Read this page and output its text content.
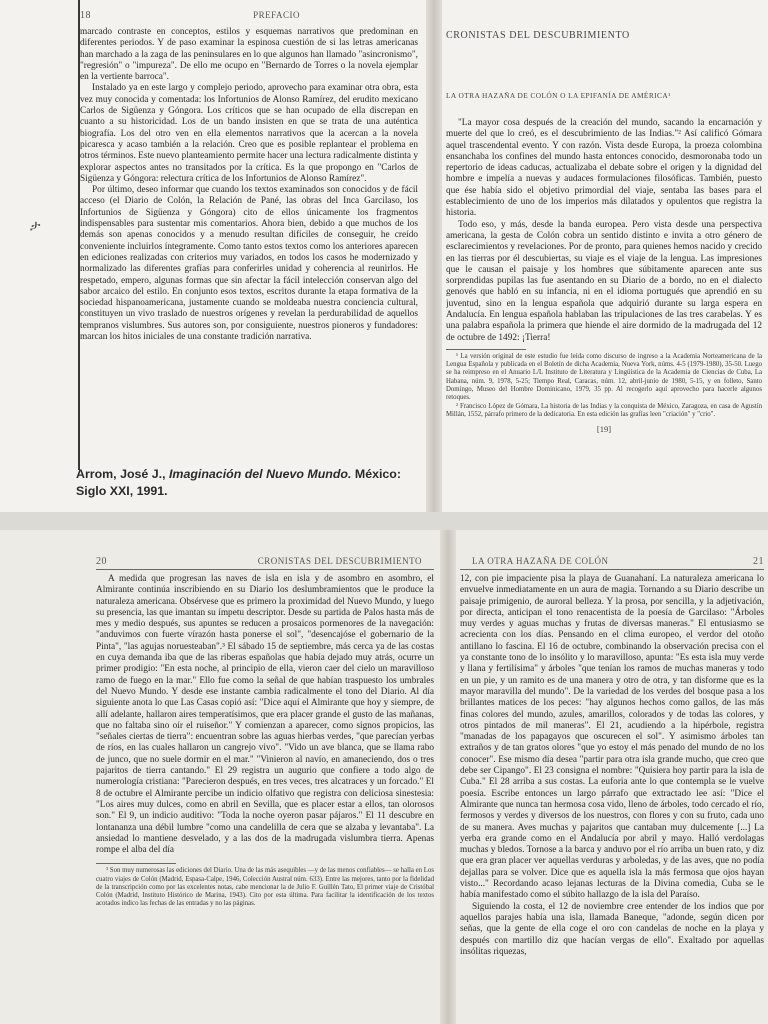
ታ
18	PREFACIO

marcado contraste en conceptos, estilos y esquemas narrativos que predominan en diferentes periodos. Y de paso examinar la espinosa cuestión de si las letras americanas han marchado a la zaga de las peninsulares en lo que algunos han llamado "asincronismo", "regresión" o "impureza". De ello me ocupo en "Bernardo de Torres o la novela ejemplar en la vertiente barroca".

Instalado ya en este largo y complejo periodo, aprovecho para examinar otra obra, esta vez muy conocida y comentada: los Infortunios de Alonso Ramírez, del erudito mexicano Carlos de Sigüenza y Góngora. Los críticos que se han ocupado de ella discrepan en cuanto a su historicidad. Los de un bando insisten en que se trata de una auténtica biografía. Los del otro ven en ella elementos narrativos que la acercan a la novela picaresca y acaso también a la relación. Creo que es posible replantear el problema en otros términos. Este nuevo planteamiento permite hacer una lectura radicalmente distinta y explorar aspectos antes no transitados por la crítica. Es la que propongo en "Carlos de Sigüenza y Góngora: relectura crítica de los Infortunios de Alonso Ramírez".

Por último, deseo informar que cuando los textos examinados son conocidos y de fácil acceso (el Diario de Colón, la Relación de Pané, las obras del Inca Garcilaso, los Infortunios de Sigüenza y Góngora) cito de ellos únicamente los fragmentos indispensables para sustentar mis comentarios. Ahora bien, debido a que muchos de los demás son apenas conocidos y a menudo resultan difíciles de conseguir, he creído conveniente incluirlos íntegramente. Como tanto estos textos como los anteriores aparecen en ediciones realizadas con criterios muy variados, en todos los casos he modernizado y normalizado las diferentes grafías para conferirles unidad y coherencia al reunirlos. He respetado, empero, algunas formas que sin afectar la fácil intelección conservan algo del sabor arcaico del estilo. En conjunto esos textos, escritos durante la etapa formativa de la sociedad hispanoamericana, justamente cuando se moldeaba nuestra conciencia cultural, constituyen un vivo traslado de nuestros orígenes y revelan la perdurabilidad de aquellos tempranos vislumbres. Sus autores son, por consiguiente, nuestros pioneros y fundadores: marcan los hitos iniciales de una constante tradición narrativa.

Arrom, José J., Imaginación del Nuevo Mundo. México: Siglo XXI, 1991.
CRONISTAS DEL DESCUBRIMIENTO
LA OTRA HAZAÑA DE COLÓN O LA EPIFANÍA DE AMÉRICA¹

"La mayor cosa después de la creación del mundo, sacando la encarnación y muerte del que lo creó, es el descubrimiento de las Indias."² Así calificó Gómara aquel trascendental evento. Y con razón. Vista desde Europa, la proeza colombina ensanchaba los confines del mundo hasta entonces conocido, desmoronaba todo un repertorio de ideas caducas, actualizaba el debate sobre el origen y la dignidad del hombre e impelía a nuevas y audaces formulaciones filosóficas. También, puesto que ése había sido el objetivo primordial del viaje, sentaba las bases para el establecimiento de uno de los imperios más dilatados y opulentos que registra la historia.

Todo eso, y más, desde la banda europea. Pero vista desde una perspectiva americana, la gesta de Colón cobra un sentido distinto e invita a otro género de esclarecimientos y revelaciones. Por de pronto, para quienes hemos nacido y crecido en las tierras por él descubiertas, su viaje es el viaje de la lengua. Las impresiones que le causan el paisaje y los hombres que súbitamente aparecen ante sus sorprendidas pupilas las fue asentando en su Diario de a bordo, no en el dialecto genovés que habló en su infancia, ni en el idioma portugués que aprendió en su juventud, sino en la lengua española que adquirió durante su larga espera en Andalucía. En lengua española hablaban las tripulaciones de las tres carabelas. Y es una palabra española la primera que hiende el aire dormido de la madrugada del 12 de octubre de 1492: ¡Tierra!

¹ La versión original de este estudio fue leída como discurso de ingreso a la Academia Norteamericana de la Lengua Española y publicada en el Boletín de dicha Academia, Nueva York, núms. 4-5 (1979-1980), 35-50. Luego se ha reimpreso en el Anuario L/L Instituto de Literatura y Lingüística de la Academia de Ciencias de Cuba, La Habana, núm. 9, 1978, 5-25; Tiempo Real, Caracas, núm. 12, abril-junio de 1980, 5-15, y en folleto, Santo Domingo, Museo del Hombre Dominicano, 1979, 35 pp. Al recogerlo aquí aprovecho para hacerle algunos retoques.

² Francisco López de Gómara, La historia de las Indias y la conquista de México, Zaragoza, en casa de Agustín Millán, 1552, párrafo primero de la dedicatoria. En esta edición las grafías leen "criación" y "crio".

[19]
20	CRONISTAS DEL DESCUBRIMIENTO

A medida que progresan las naves de isla en isla y de asombro en asombro, el Almirante continúa inscribiendo en su Diario los deslumbramientos que le produce la naturaleza americana. Obsérvese que es primero la proximidad del Nuevo Mundo, y luego su presencia, las que imantan su ímpetu descriptor. Desde su partida de Palos hasta más de mes y medio después, sus apuntes se reducen a prosaicos pormenores de la navegación: "anduvimos con fuerte vírazón hasta ponerse el sol", "desencajóse el gobernario de la Pinta", "las agujas noruesteaban".³ El sábado 15 de septiembre, más cerca ya de las costas en cuya demanda iba que de las riberas españolas que había dejado muy atrás, ocurre un primer prodigio: "En esta noche, al principio de ella, vieron caer del cielo un maravilloso ramo de fuego en la mar." Ello fue como la señal de que habían traspuesto los umbrales del Nuevo Mundo. Y desde ese instante cambia radicalmente el tono del Diario. Al día siguiente anota lo que Las Casas copió así: "Dice aquí el Almirante que hoy y siempre, de allí adelante, hallaron aires temperatísimos, que era placer grande el gusto de las mañanas, que no faltaba sino oír el ruiseñor." Y comienzan a aparecer, como signos propicios, las "señales ciertas de tierra": encuentran sobre las aguas hierbas verdes, "que parecían yerbas de ríos, en las cuales hallaron un cangrejo vivo". "Vido un ave blanca, que se llama rabo de junco, que no suele dormir en el mar." "Vinieron al navío, en amaneciendo, dos o tres pajaritos de tierra cantando." El 29 registra un augurio que confiere a todo algo de numerología cristiana: "Parecieron después, en tres veces, tres alcatraces y un forcado." El 8 de octubre el Almirante percibe un indicio olfativo que registra con deliciosa sinestesia: "Los aires muy dulces, como en abril en Sevilla, que es placer estar a ellos, tan olorosos son." El 9, un indicio auditivo: "Toda la noche oyeron pasar pájaros." El 11 descubre en lontananza una débil lumbre "como una candelilla de cera que se alzaba y levantaba". La ansiedad lo mantiene desvelado, y a las dos de la madrugada vislumbra tierra. Apenas rompe el alba del día

³ Son muy numerosas las ediciones del Diario. Una de las más asequibles —y de las menos confiables— se halla en Los cuatro viajes de Colón (Madrid, Espasa-Calpe, 1946, Colección Austral núm. 633). Entre las mejores, tanto por la fidelidad de la transcripción como por las excelentes notas, cabe mencionar la de Julio F. Guillén Tato, El primer viaje de Cristóbal Colón (Madrid, Instituto Histórico de Marina, 1943). Cito por esta última. Para facilitar la identificación de los textos acotados indico las fechas de las entradas y no las páginas.

LA OTRA HAZAÑA DE COLÓN	21

12, con pie impaciente pisa la playa de Guanahaní. La naturaleza americana lo envuelve inmediatamente en un aura de magia. Tornando a su Diario describe un paisaje primigenio, de auroral belleza. Y la prosa, por sencilla, y la adjetivación, por directa, anticipan el tono renacentista de la poesía de Garcilaso: "Árboles muy verdes y aguas muchas y frutas de diversas maneras." El entusiasmo se acrecienta con los días. Pensando en el clima europeo, el verdor del otoño antillano lo fascina. El 16 de octubre, combinando la observación precisa con el ya constante tono de lo insólito y lo maravilloso, apunta: "Es esta isla muy verde y llana y fertilísima" y árboles "que tenían los ramos de muchas maneras y todo en un pie, y un ramito es de una manera y otro de otra, y tan disforme que es la mayor maravilla del mundo". De la variedad de los verdes del bosque pasa a los brillantes matices de los peces: "hay algunos hechos como gallos, de las más finas colores del mundo, azules, amarillos, colorados y de todas las colores, y otros pintados de mil maneras". El 21, acudiendo a la hipérbole, registra "manadas de los papagayos que oscurecen el sol". Y asimismo árboles tan extraños y de tan gratos olores "que yo estoy el más penado del mundo de no los conocer". Ese mismo día desea "partir para otra isla grande mucho, que creo que debe ser Cipango". El 23 consigna el nombre: "Quisiera hoy partir para la isla de Cuba." El 28 arriba a sus costas. La euforia ante lo que contempla se le vuelve poesía. Escribe entonces un largo párrafo que extractado lee así: "Dice el Almirante que nunca tan hermosa cosa vido, lleno de árboles, todo cercado el río, fermosos y verdes y diversos de los nuestros, con flores y con su fruto, cada uno de su manera. Aves muchas y pajaritos que cantaban muy dulcemente [...] La yerba era grande como en el Andalucía por abril y mayo. Halló verdolagas muchas y bledos. Tornose a la barca y anduvo por el río arriba un buen rato, y diz que era gran placer ver aquellas verduras y arboledas, y de las aves, que no podía dejallas para se volver. Dice que es aquella isla la más fermosa que ojos hayan visto..." Recordando acaso lejanas lecturas de la Divina comedia, Cuba se le había manifestado como el súbito hallazgo de la isla del Paraíso.

Siguiendo la costa, el 12 de noviembre cree entender de los indios que por aquellos parajes había una isla, llamada Baneque, "adonde, según dicen por señas, que la gente de ella coge el oro con candelas de noche en la playa y después con martillo diz que hacían vergas de ello". Exaltado por aquellas insólitas riquezas,
